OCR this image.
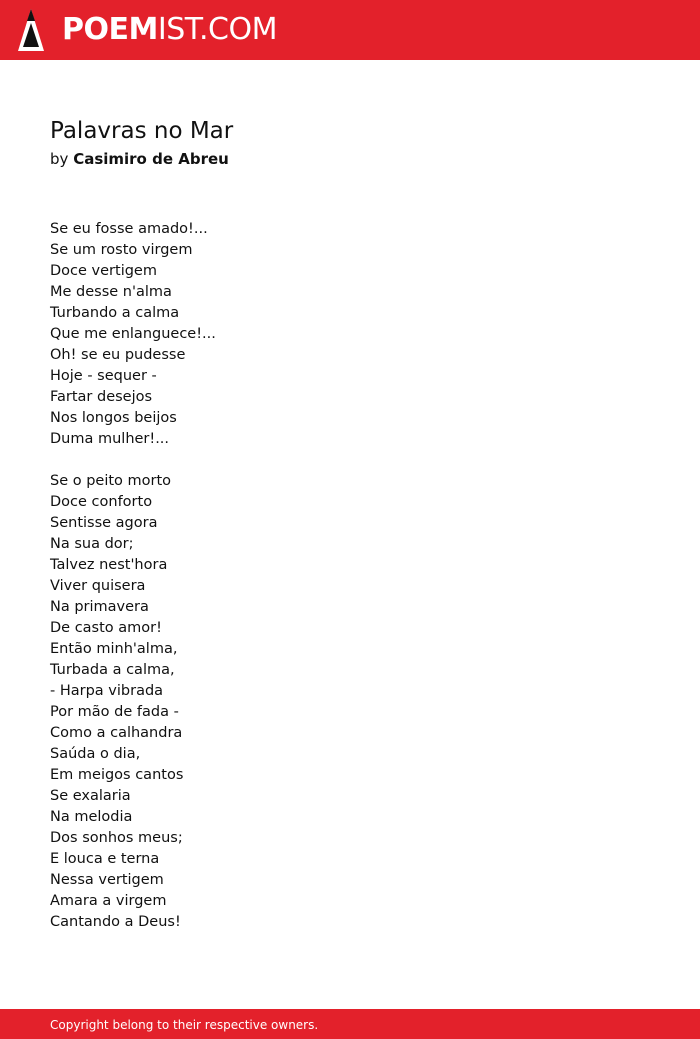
POEMIST.COM
Palavras no Mar
by Casimiro de Abreu
Se eu fosse amado!...
Se um rosto virgem
Doce vertigem
Me desse n'alma
Turbando a calma
Que me enlanguece!...
Oh! se eu pudesse
Hoje - sequer -
Fartar desejos
Nos longos beijos
Duma mulher!...
Se o peito morto
Doce conforto
Sentisse agora
Na sua dor;
Talvez nest'hora
Viver quisera
Na primavera
De casto amor!
Então minh'alma,
Turbada a calma,
- Harpa vibrada
Por mão de fada -
Como a calhandra
Saúda o dia,
Em meigos cantos
Se exalaria
Na melodia
Dos sonhos meus;
E louca e terna
Nessa vertigem
Amara a virgem
Cantando a Deus!
Copyright belong to their respective owners.
